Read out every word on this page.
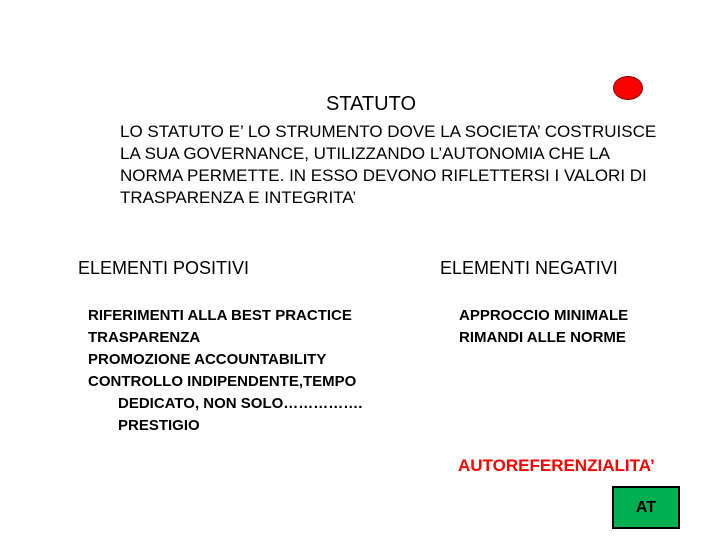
STATUTO

LO STATUTO E’ LO STRUMENTO DOVE LA SOCIETA’ COSTRUISCE LA SUA GOVERNANCE, UTILIZZANDO L’AUTONOMIA CHE LA NORMA PERMETTE. IN ESSO DEVONO RIFLETTERSI I VALORI DI TRASPARENZA E INTEGRITA’

ELEMENTI POSITIVI	ELEMENTI NEGATIVI
RIFERIMENTI ALLA BEST PRACTICE
TRASPARENZA
PROMOZIONE ACCOUNTABILITY
CONTROLLO INDIPENDENTE,TEMPO DEDICATO, NON SOLO……………. PRESTIGIO
APPROCCIO MINIMALE
RIMANDI ALLE NORME
AUTOREFERENZIALITA’
AT
